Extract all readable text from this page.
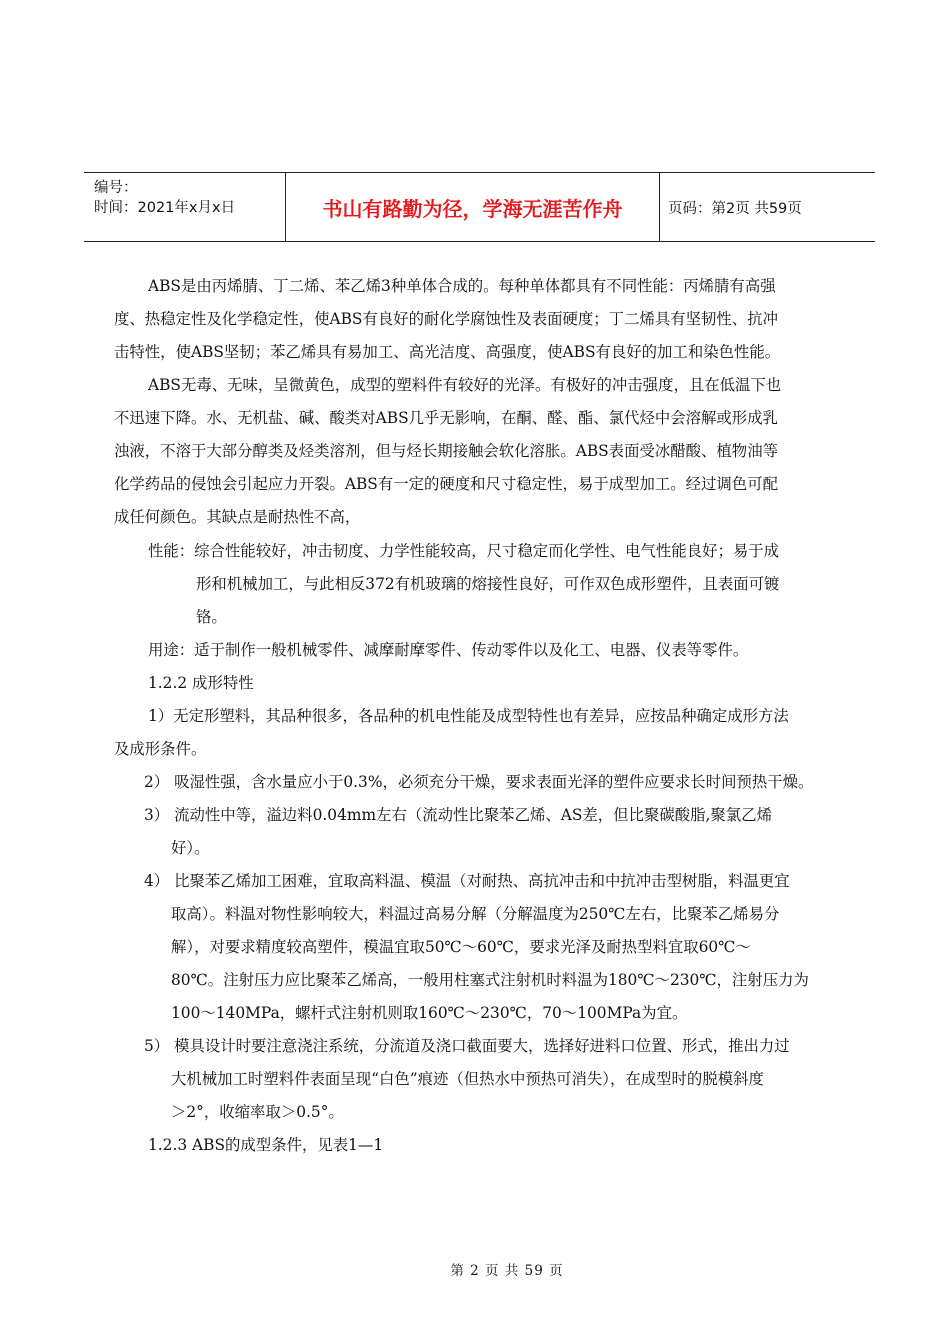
编号：
时间：2021年x月x日	书山有路勤为径，学海无涯苦作舟	页码：第2页 共59页
ABS是由丙烯腈、丁二烯、苯乙烯3种单体合成的。每种单体都具有不同性能：丙烯腈有高强
度、热稳定性及化学稳定性，使ABS有良好的耐化学腐蚀性及表面硬度；丁二烯具有坚韧性、抗冲
击特性，使ABS坚韧；苯乙烯具有易加工、高光洁度、高强度，使ABS有良好的加工和染色性能。
ABS无毒、无味，呈微黄色，成型的塑料件有较好的光泽。有极好的冲击强度，且在低温下也
不迅速下降。水、无机盐、碱、酸类对ABS几乎无影响，在酮、醛、酯、氯代烃中会溶解或形成乳
浊液，不溶于大部分醇类及烃类溶剂，但与烃长期接触会软化溶胀。ABS表面受冰醋酸、植物油等
化学药品的侵蚀会引起应力开裂。ABS有一定的硬度和尺寸稳定性，易于成型加工。经过调色可配
成任何颜色。其缺点是耐热性不高，
性能：综合性能较好，冲击韧度、力学性能较高，尺寸稳定而化学性、电气性能良好；易于成
形和机械加工，与此相反372有机玻璃的熔接性良好，可作双色成形塑件，且表面可镀
铬。
用途：适于制作一般机械零件、减摩耐摩零件、传动零件以及化工、电器、仪表等零件。
1.2.2 成形特性
1）无定形塑料，其品种很多，各品种的机电性能及成型特性也有差异，应按品种确定成形方法
及成形条件。
2） 吸湿性强，含水量应小于0.3%，必须充分干燥，要求表面光泽的塑件应要求长时间预热干燥。
3） 流动性中等，溢边料0.04mm左右（流动性比聚苯乙烯、AS差，但比聚碳酸脂,聚氯乙烯
好）。
4） 比聚苯乙烯加工困难，宜取高料温、模温（对耐热、高抗冲击和中抗冲击型树脂，料温更宜
取高）。料温对物性影响较大，料温过高易分解（分解温度为250℃左右，比聚苯乙烯易分
解），对要求精度较高塑件，模温宜取50℃～60℃，要求光泽及耐热型料宜取60℃～
80℃。注射压力应比聚苯乙烯高，一般用柱塞式注射机时料温为180℃～230℃，注射压力为
100～140MPa，螺杆式注射机则取160℃～230℃，70～100MPa为宜。
5） 模具设计时要注意浇注系统，分流道及浇口截面要大，选择好进料口位置、形式，推出力过
大机械加工时塑料件表面呈现“白色”痕迹（但热水中预热可消失），在成型时的脱模斜度
＞2°，收缩率取＞0.5°。
1.2.3 ABS的成型条件，见表1—1
第 2 页 共 59 页
